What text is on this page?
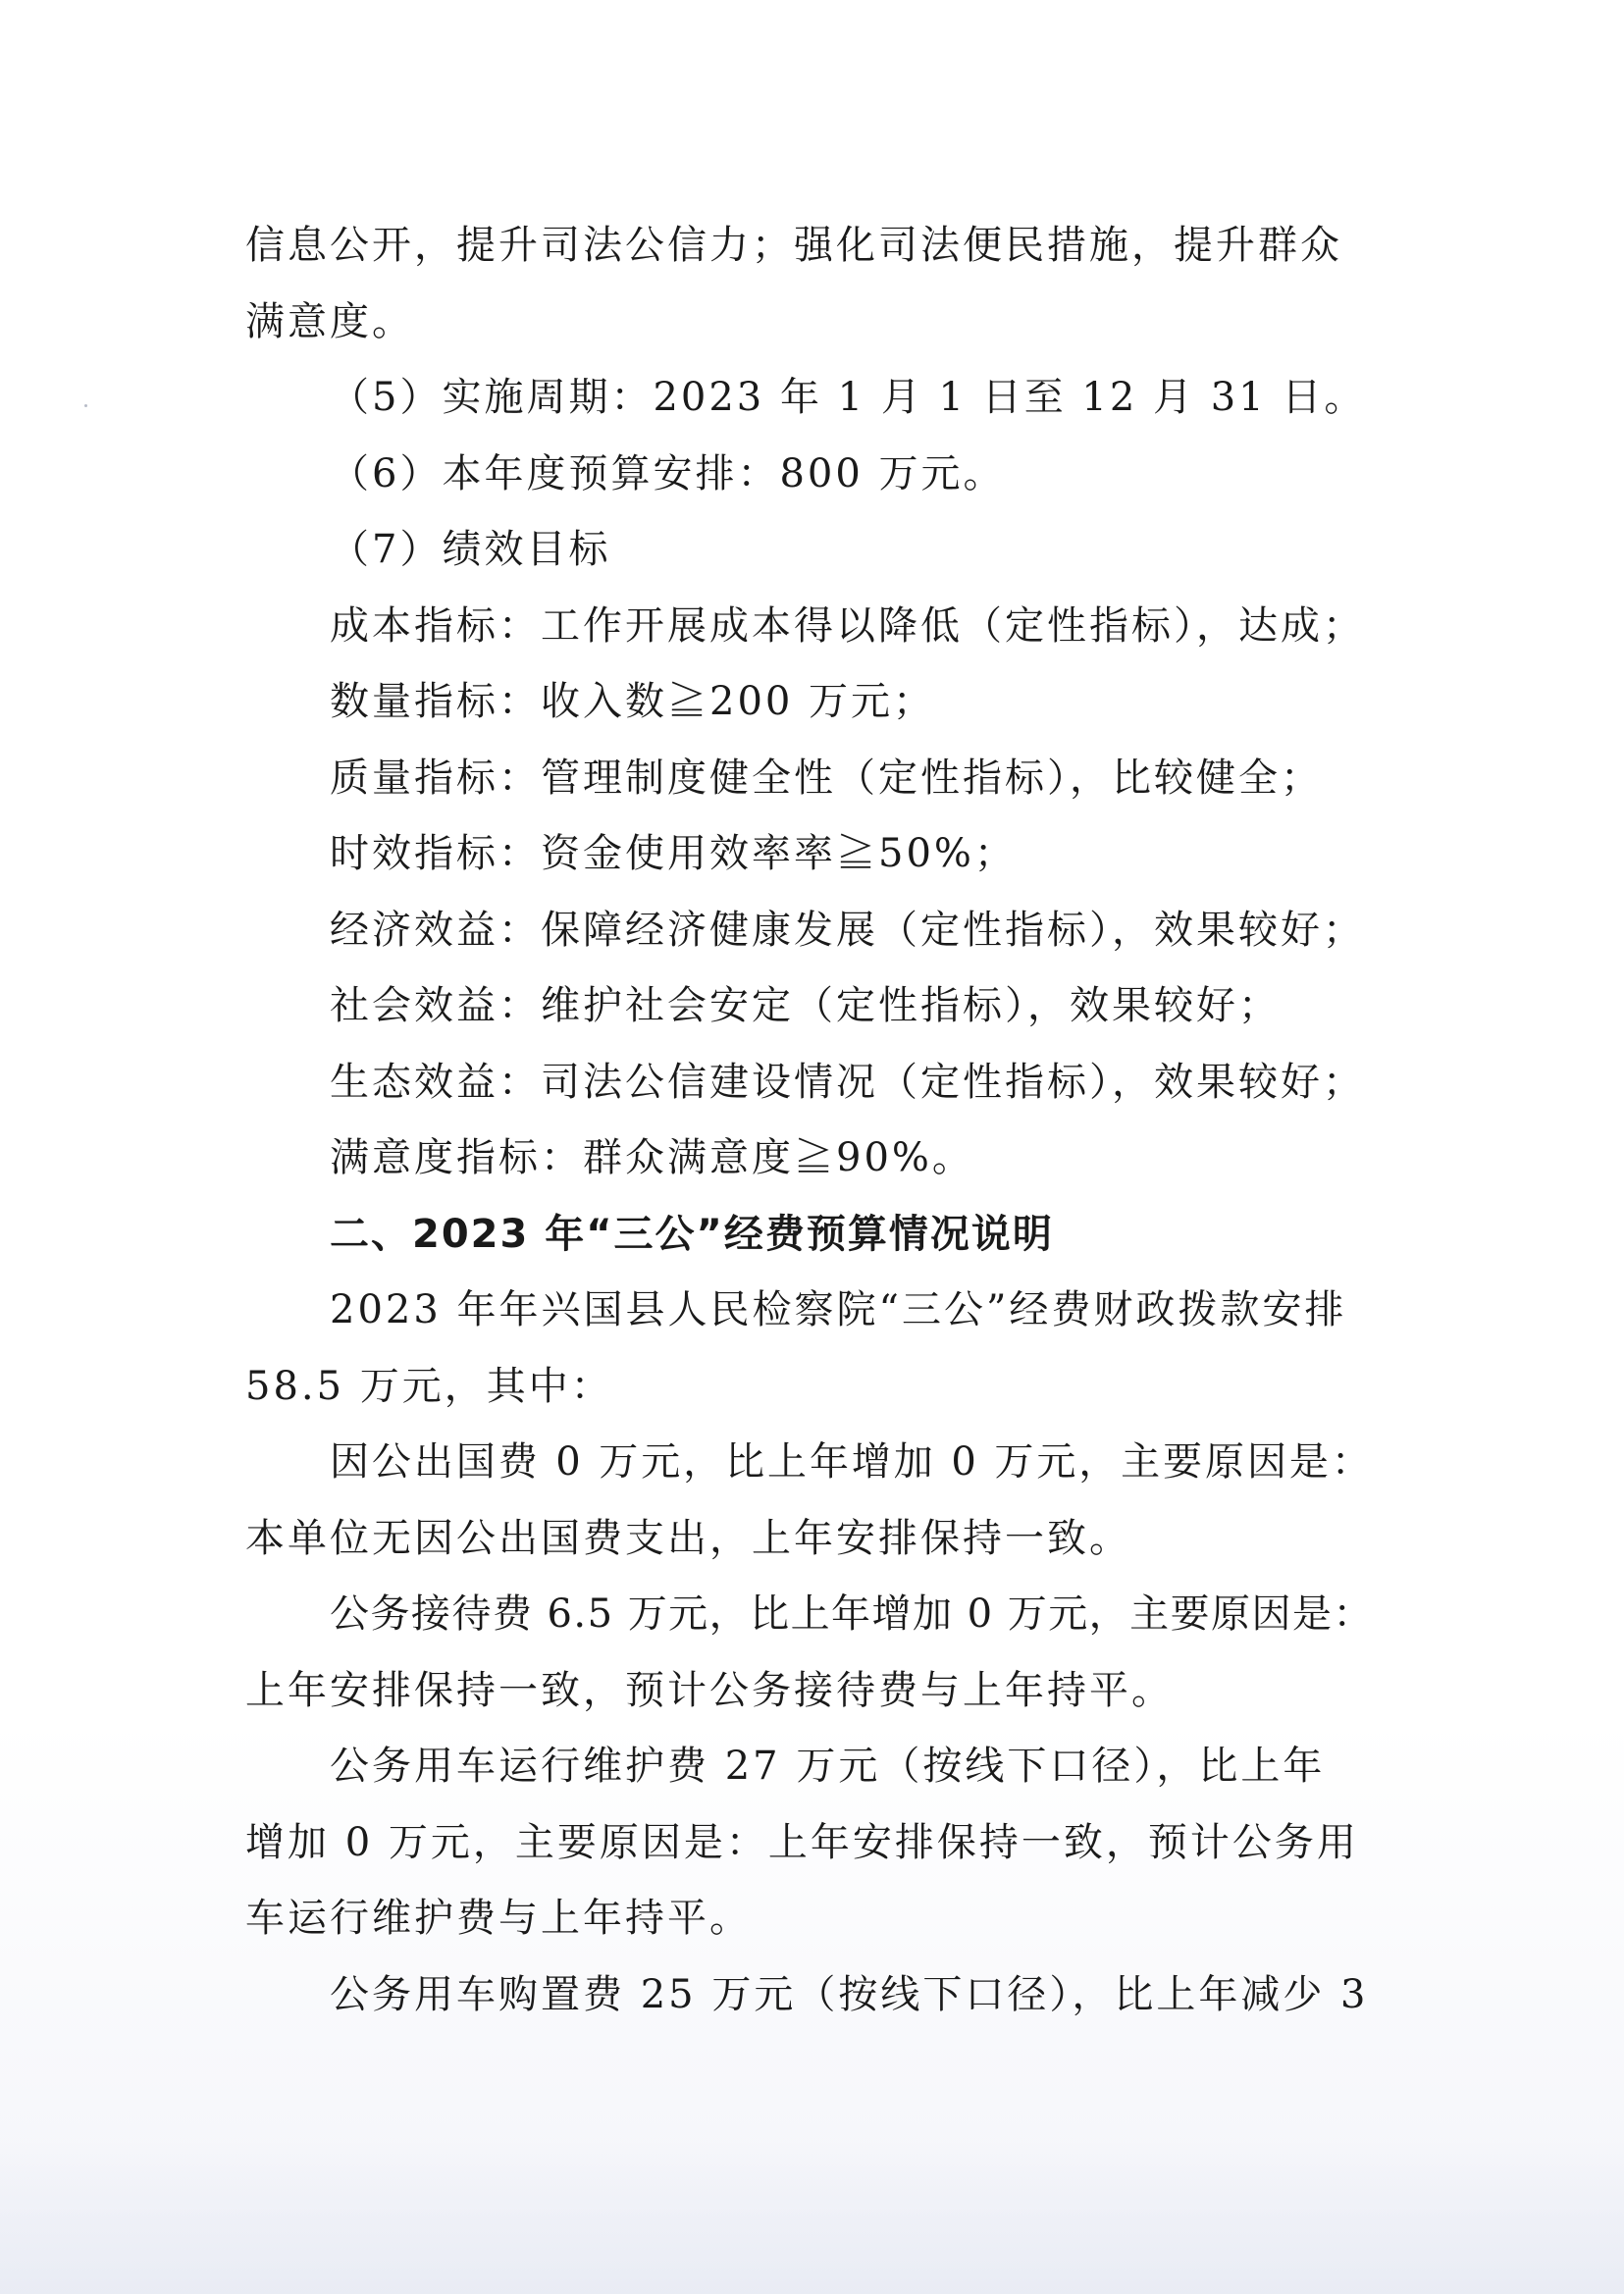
信息公开，提升司法公信力；强化司法便民措施，提升群众
满意度。
（5）实施周期：2023 年 1 月 1 日至 12 月 31 日。
（6）本年度预算安排：800 万元。
（7）绩效目标
成本指标：工作开展成本得以降低（定性指标），达成；
数量指标：收入数≧200 万元；
质量指标：管理制度健全性（定性指标），比较健全；
时效指标：资金使用效率率≧50%；
经济效益：保障经济健康发展（定性指标），效果较好；
社会效益：维护社会安定（定性指标），效果较好；
生态效益：司法公信建设情况（定性指标），效果较好；
满意度指标：群众满意度≧90%。
二、2023 年“三公”经费预算情况说明
2023 年年兴国县人民检察院“三公”经费财政拨款安排
58.5 万元，其中：
因公出国费 0 万元，比上年增加 0 万元，主要原因是：
本单位无因公出国费支出，上年安排保持一致。
公务接待费 6.5 万元，比上年增加 0 万元，主要原因是：
上年安排保持一致，预计公务接待费与上年持平。
公务用车运行维护费 27 万元（按线下口径），比上年
增加 0 万元，主要原因是：上年安排保持一致，预计公务用
车运行维护费与上年持平。
公务用车购置费 25 万元（按线下口径），比上年减少 3
